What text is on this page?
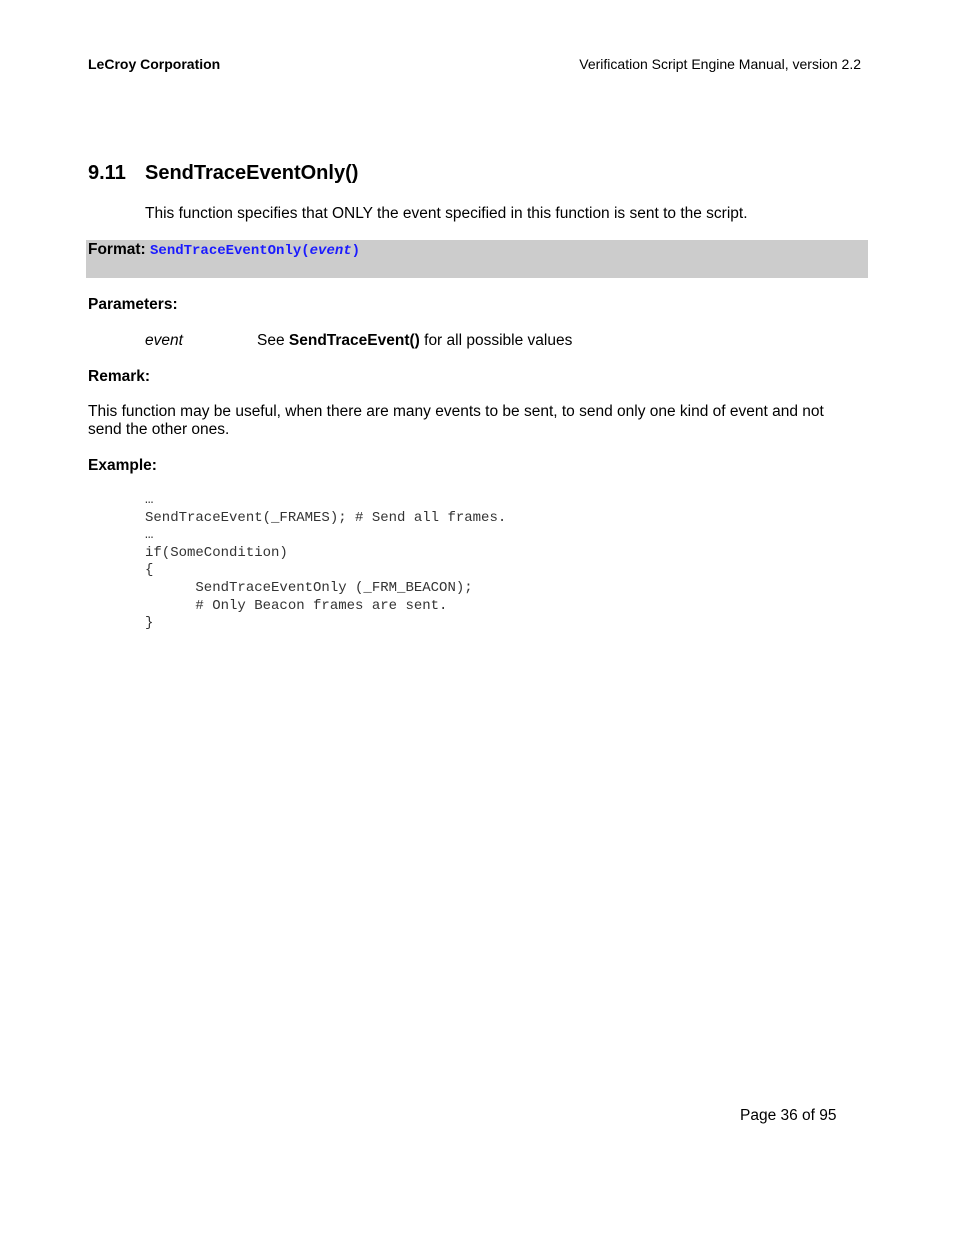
LeCroy Corporation	Verification Script Engine Manual, version 2.2
9.11 SendTraceEventOnly()
This function specifies that ONLY the event specified in this function is sent to the script.
Format: SendTraceEventOnly(event)
Parameters:
event	See SendTraceEvent() for all possible values
Remark:
This function may be useful, when there are many events to be sent, to send only one kind of event and not send the other ones.
Example:
…
SendTraceEvent(_FRAMES); # Send all frames.
…
if(SomeCondition)
{
SendTraceEventOnly (_FRM_BEACON);
# Only Beacon frames are sent.
}
Page 36 of 95
